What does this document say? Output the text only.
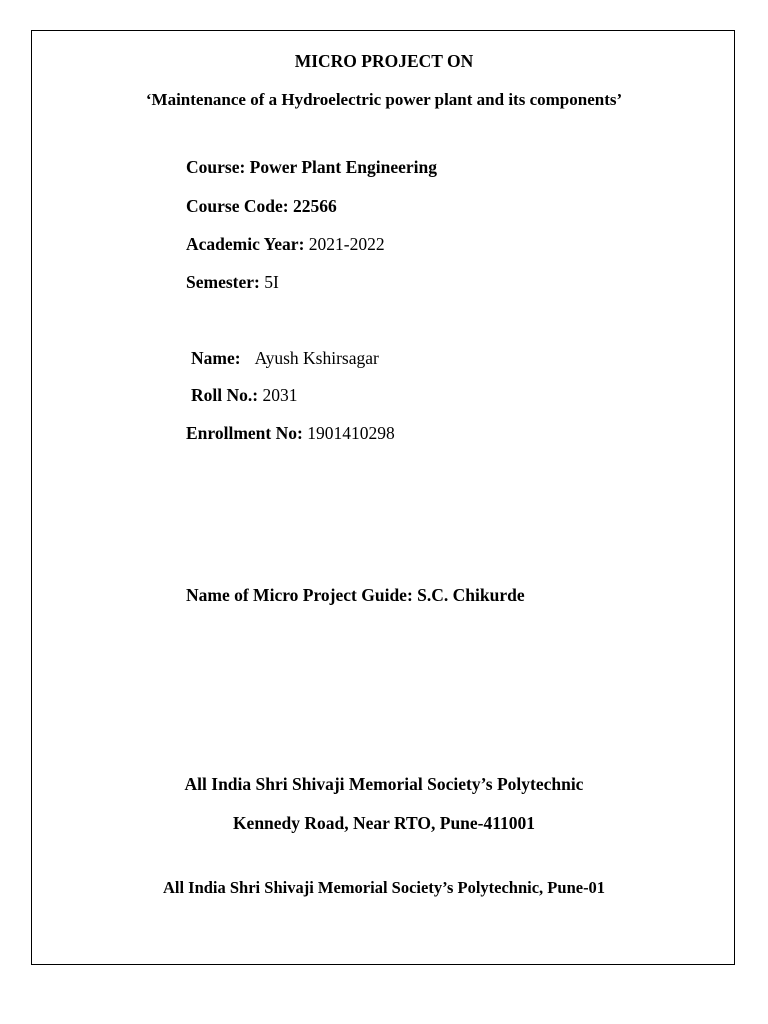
MICRO PROJECT ON
‘Maintenance of a Hydroelectric power plant and its components’
Course: Power Plant Engineering
Course Code: 22566
Academic Year: 2021-2022
Semester: 5I
Name: Ayush Kshirsagar
Roll No.: 2031
Enrollment No: 1901410298
Name of Micro Project Guide: S.C. Chikurde
All India Shri Shivaji Memorial Society’s Polytechnic
Kennedy Road, Near RTO, Pune-411001
All India Shri Shivaji Memorial Society’s Polytechnic, Pune-01
